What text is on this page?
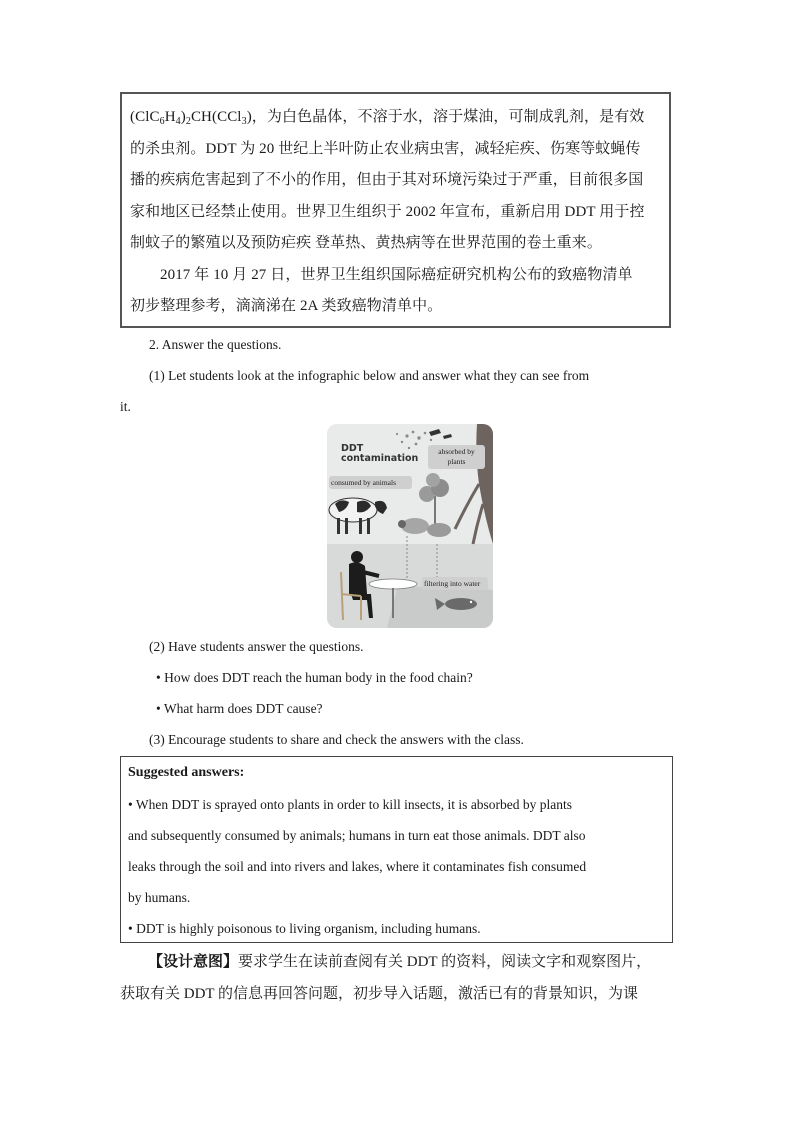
$(ClC_6H_4)_2CH(CCl_3)$，为白色晶体，不溶于水，溶于煤油，可制成乳剂，是有效
的杀虫剂。DDT 为 20 世纪上半叶防止农业病虫害，减轻疟疾、伤寒等蚊蝇传
播的疾病危害起到了不小的作用，但由于其对环境污染过于严重，目前很多国
家和地区已经禁止使用。世界卫生组织于 2002 年宣布，重新启用 DDT 用于控
制蚊子的繁殖以及预防疟疾 登革热、黄热病等在世界范围的卷土重来。
2017 年 10 月 27 日，世界卫生组织国际癌症研究机构公布的致癌物清单
初步整理参考，滴滴涕在 2A 类致癌物清单中。
2. Answer the questions.
(1) Let students look at the infographic below and answer what they can see from
it.
DDT
contamination
absorbed by
plants
consumed by animals
filtering into water
(2) Have students answer the questions.
• How does DDT reach the human body in the food chain?
• What harm does DDT cause?
(3) Encourage students to share and check the answers with the class.
Suggested answers:
• When DDT is sprayed onto plants in order to kill insects, it is absorbed by plants
and subsequently consumed by animals; humans in turn eat those animals. DDT also
leaks through the soil and into rivers and lakes, where it contaminates fish consumed
by humans.
• DDT is highly poisonous to living organism, including humans.
【设计意图】要求学生在读前查阅有关 DDT 的资料，阅读文字和观察图片，
获取有关 DDT 的信息再回答问题，初步导入话题，激活已有的背景知识，为课
